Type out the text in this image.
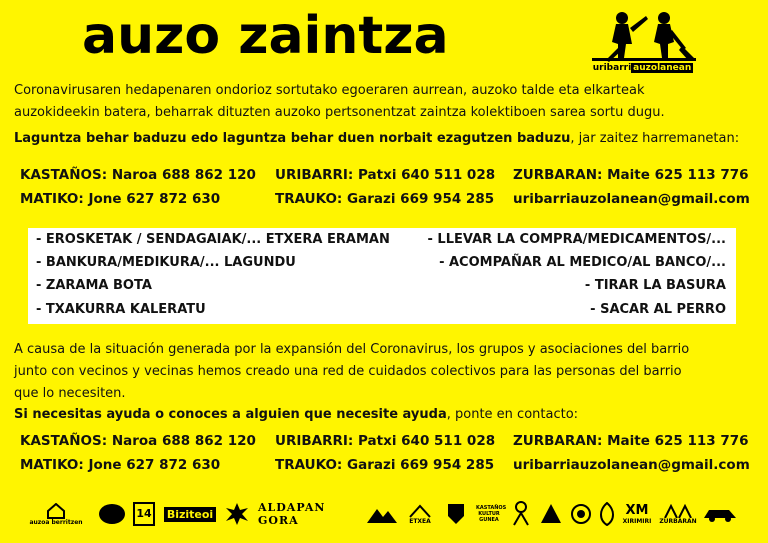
auzo zaintza
uribarri auzolanean
Coronavirusaren hedapenaren ondorioz sortutako egoeraren aurrean, auzoko talde eta elkarteak
auzokideekin batera, beharrak dituzten auzoko pertsonentzat zaintza kolektiboen sarea sortu dugu.
Laguntza behar baduzu edo laguntza behar duen norbait ezagutzen baduzu, jar zaitez harremanetan:
KASTAÑOS: Naroa 688 862 120 URIBARRI: Patxi 640 511 028 ZURBARAN: Maite 625 113 776
MATIKO: Jone 627 872 630	TRAUKO: Garazi 669 954 285 uribarriauzolanean@gmail.com
- EROSKETAK / SENDAGAIAK/... ETXERA ERAMAN	- LLEVAR LA COMPRA/MEDICAMENTOS/...
- BANKURA/MEDIKURA/... LAGUNDU	- ACOMPAÑAR AL MEDICO/AL BANCO/...
- ZARAMA BOTA	- TIRAR LA BASURA
- TXAKURRA KALERATU	- SACAR AL PERRO
A causa de la situación generada por la expansión del Coronavirus, los grupos y asociaciones del barrio
junto con vecinos y vecinas hemos creado una red de cuidados colectivos para las personas del barrio
que lo necesiten.
Si necesitas ayuda o conoces a alguien que necesite ayuda, ponte en contacto:
KASTAÑOS: Naroa 688 862 120 URIBARRI: Patxi 640 511 028 ZURBARAN: Maite 625 113 776
MATIKO: Jone 627 872 630	TRAUKO: Garazi 669 954 285 uribarriauzolanean@gmail.com
auzoa berritzen
14	Biziteoi	ALDAPAN GORA	ETXEA
KASTAÑOS KULTUR GUNEA
XM
XIRIMIRI ZURBARAN
